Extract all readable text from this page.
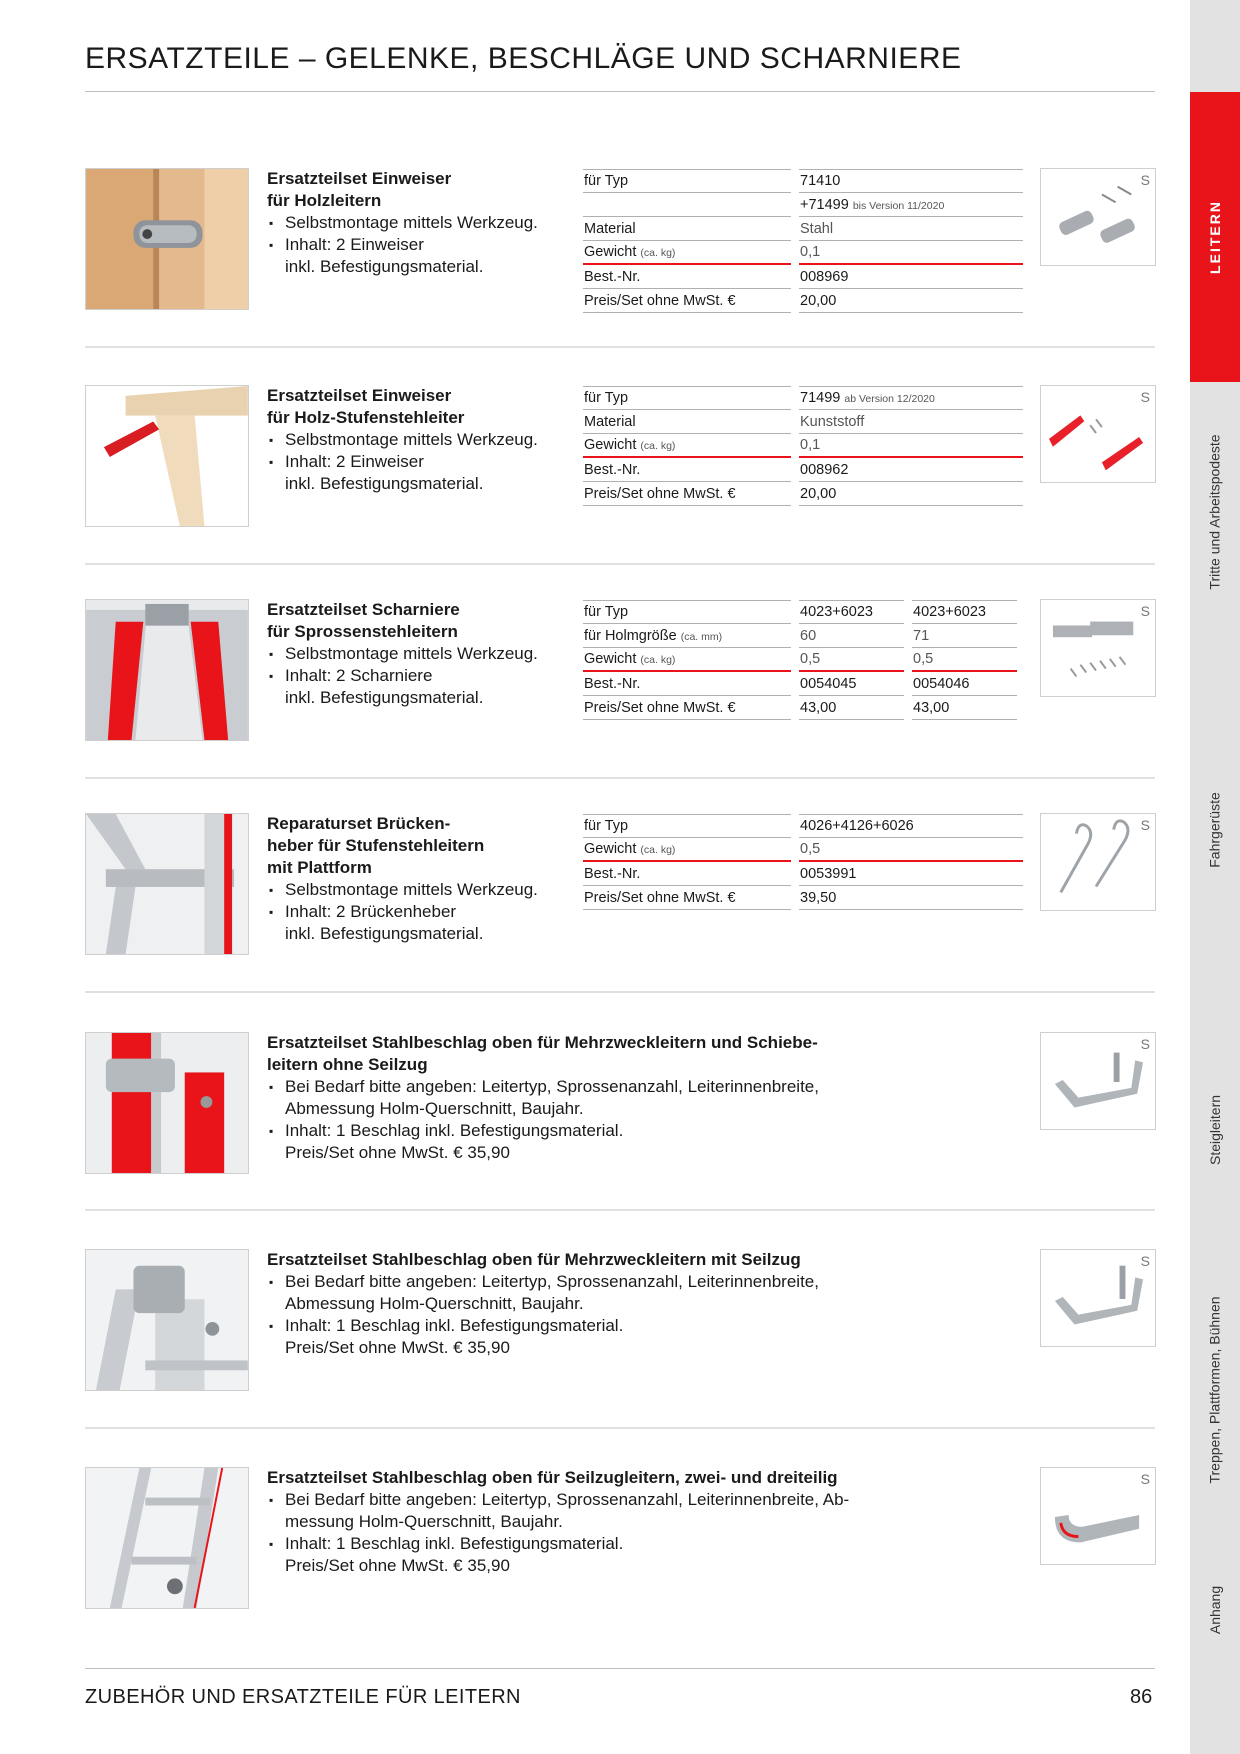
ERSATZTEILE – GELENKE, BESCHLÄGE UND SCHARNIERE
LEITERN
Tritte und Arbeitspodeste
Fahrgerüste
Steigleitern
Treppen, Plattformen, Bühnen
Anhang
Ersatzteilset Einweiser
für Holzleitern
▪ Selbstmontage mittels Werkzeug.
▪ Inhalt: 2 Einweiser
inkl. Befestigungsmaterial.
für Typ		71410
		+71499 bis Version 11/2020
Material		Stahl
Gewicht (ca. kg)		0,1
Best.-Nr.		008969
Preis/Set ohne MwSt. €		20,00
S
Ersatzteilset Einweiser
für Holz-Stufenstehleiter
▪ Selbstmontage mittels Werkzeug.
▪ Inhalt: 2 Einweiser
inkl. Befestigungsmaterial.
für Typ		71499 ab Version 12/2020
Material		Kunststoff
Gewicht (ca. kg)		0,1
Best.-Nr.		008962
Preis/Set ohne MwSt. €		20,00
S
Ersatzteilset Scharniere
für Sprossenstehleitern
▪ Selbstmontage mittels Werkzeug.
▪ Inhalt: 2 Scharniere
inkl. Befestigungsmaterial.
für Typ		4023+6023		4023+6023
für Holmgröße (ca. mm)		60		71
Gewicht (ca. kg)		0,5		0,5
Best.-Nr.		0054045		0054046
Preis/Set ohne MwSt. €		43,00		43,00
S
Reparaturset Brücken-
heber für Stufenstehleitern
mit Plattform
▪ Selbstmontage mittels Werkzeug.
▪ Inhalt: 2 Brückenheber
inkl. Befestigungsmaterial.
für Typ		4026+4126+6026
Gewicht (ca. kg)		0,5
Best.-Nr.		0053991
Preis/Set ohne MwSt. €		39,50
S
Ersatzteilset Stahlbeschlag oben für Mehrzweckleitern und Schiebe-
leitern ohne Seilzug
▪ Bei Bedarf bitte angeben: Leitertyp, Sprossenanzahl, Leiterinnenbreite,
Abmessung Holm-Querschnitt, Baujahr.
▪ Inhalt: 1 Beschlag inkl. Befestigungsmaterial.
Preis/Set ohne MwSt. € 35,90
S
Ersatzteilset Stahlbeschlag oben für Mehrzweckleitern mit Seilzug
▪ Bei Bedarf bitte angeben: Leitertyp, Sprossenanzahl, Leiterinnenbreite,
Abmessung Holm-Querschnitt, Baujahr.
▪ Inhalt: 1 Beschlag inkl. Befestigungsmaterial.
Preis/Set ohne MwSt. € 35,90
S
Ersatzteilset Stahlbeschlag oben für Seilzugleitern, zwei- und dreiteilig
▪ Bei Bedarf bitte angeben: Leitertyp, Sprossenanzahl, Leiterinnenbreite, Ab-
messung Holm-Querschnitt, Baujahr.
▪ Inhalt: 1 Beschlag inkl. Befestigungsmaterial.
Preis/Set ohne MwSt. € 35,90
S
ZUBEHÖR UND ERSATZTEILE FÜR LEITERN	86
